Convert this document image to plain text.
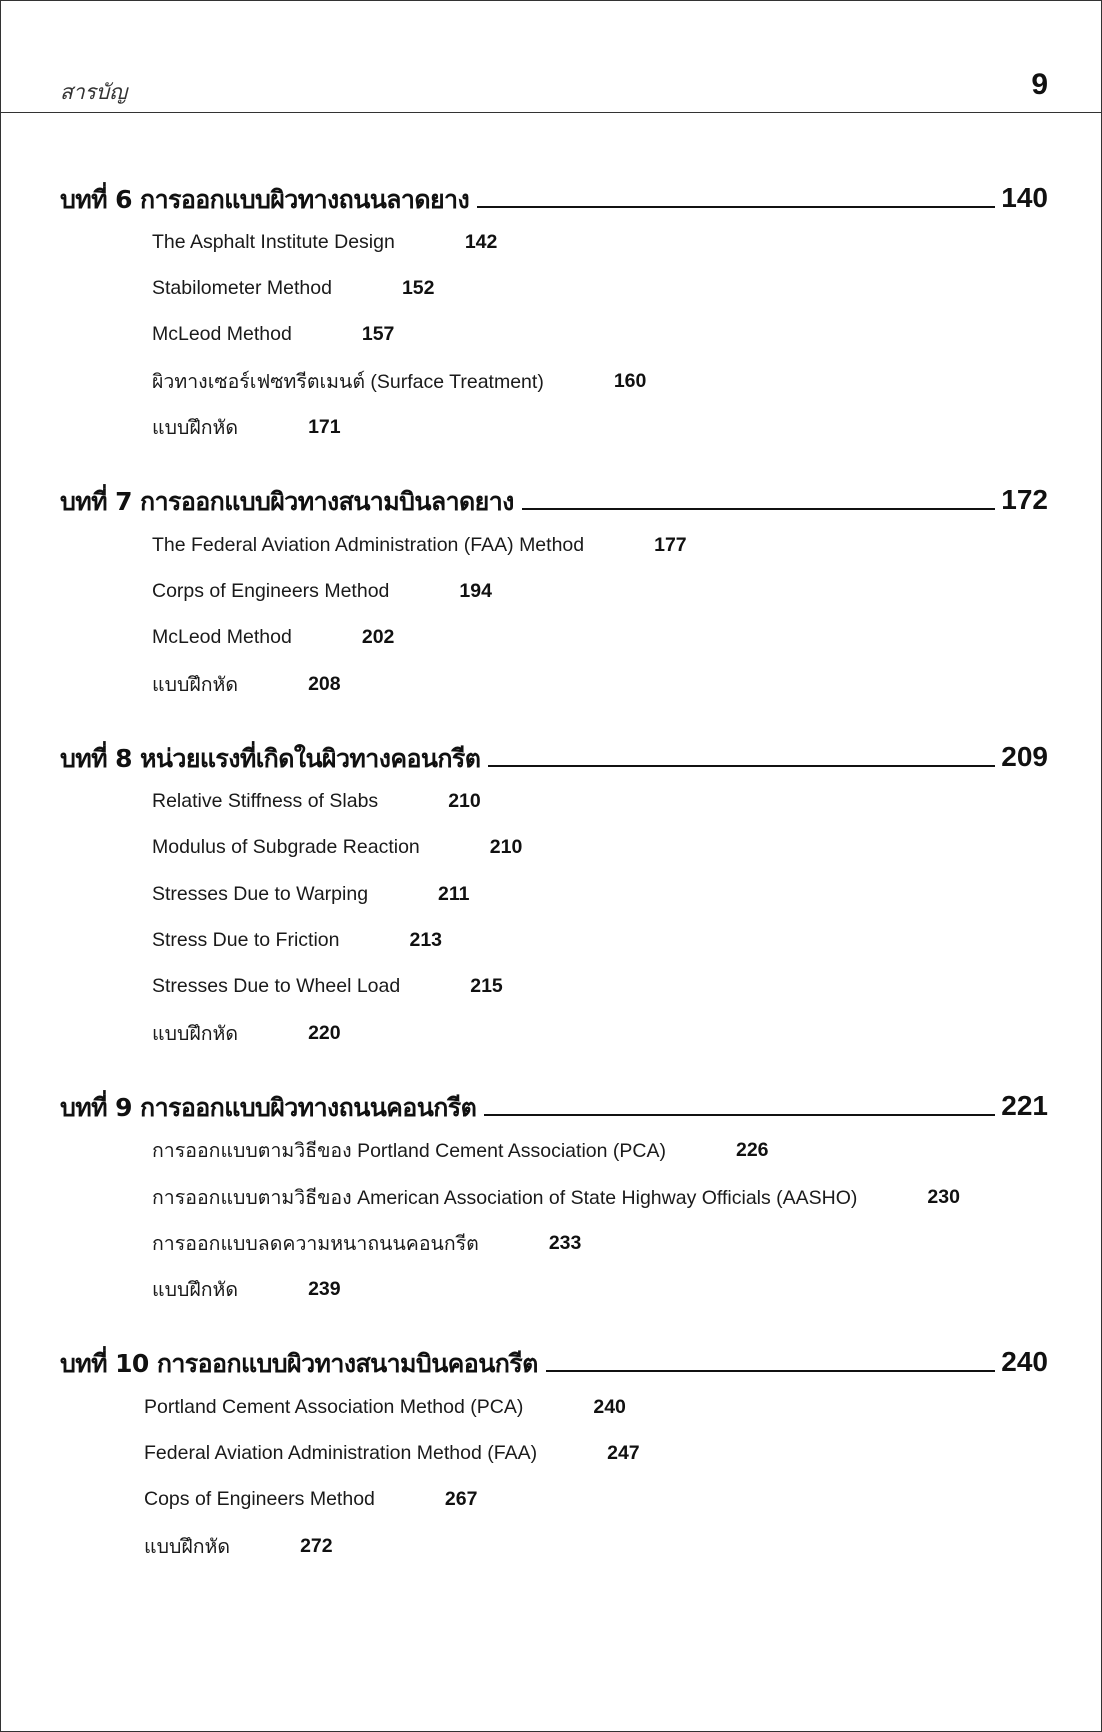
สารบัญ	9
บทที่ 6 การออกแบบผิวทางถนนลาดยาง	140
The Asphalt Institute Design	142
Stabilometer Method	152
McLeod Method	157
ผิวทางเซอร์เฟซทรีตเมนต์ (Surface Treatment)	160
แบบฝึกหัด	171
บทที่ 7 การออกแบบผิวทางสนามบินลาดยาง	172
The Federal Aviation Administration (FAA) Method	177
Corps of Engineers Method	194
McLeod Method	202
แบบฝึกหัด	208
บทที่ 8 หน่วยแรงที่เกิดในผิวทางคอนกรีต	209
Relative Stiffness of Slabs	210
Modulus of Subgrade Reaction	210
Stresses Due to Warping	211
Stress Due to Friction	213
Stresses Due to Wheel Load	215
แบบฝึกหัด	220
บทที่ 9 การออกแบบผิวทางถนนคอนกรีต	221
การออกแบบตามวิธีของ Portland Cement Association (PCA)	226
การออกแบบตามวิธีของ American Association of State Highway Officials (AASHO)	230
การออกแบบลดความหนาถนนคอนกรีต	233
แบบฝึกหัด	239
บทที่ 10 การออกแบบผิวทางสนามบินคอนกรีต	240
Portland Cement Association Method (PCA)	240
Federal Aviation Administration Method (FAA)	247
Cops of Engineers Method	267
แบบฝึกหัด	272
